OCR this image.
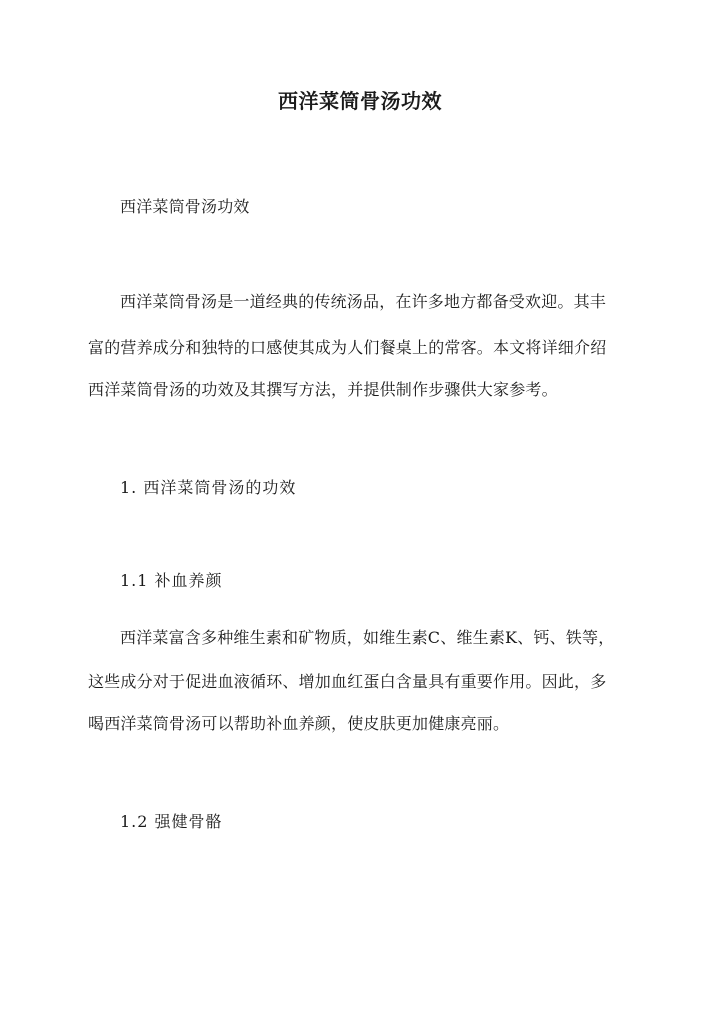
西洋菜筒骨汤功效
西洋菜筒骨汤功效
西洋菜筒骨汤是一道经典的传统汤品，在许多地方都备受欢迎。其丰
富的营养成分和独特的口感使其成为人们餐桌上的常客。本文将详细介绍
西洋菜筒骨汤的功效及其撰写方法，并提供制作步骤供大家参考。
1. 西洋菜筒骨汤的功效
1.1 补血养颜
西洋菜富含多种维生素和矿物质，如维生素C、维生素K、钙、铁等，
这些成分对于促进血液循环、增加血红蛋白含量具有重要作用。因此，多
喝西洋菜筒骨汤可以帮助补血养颜，使皮肤更加健康亮丽。
1.2 强健骨骼
